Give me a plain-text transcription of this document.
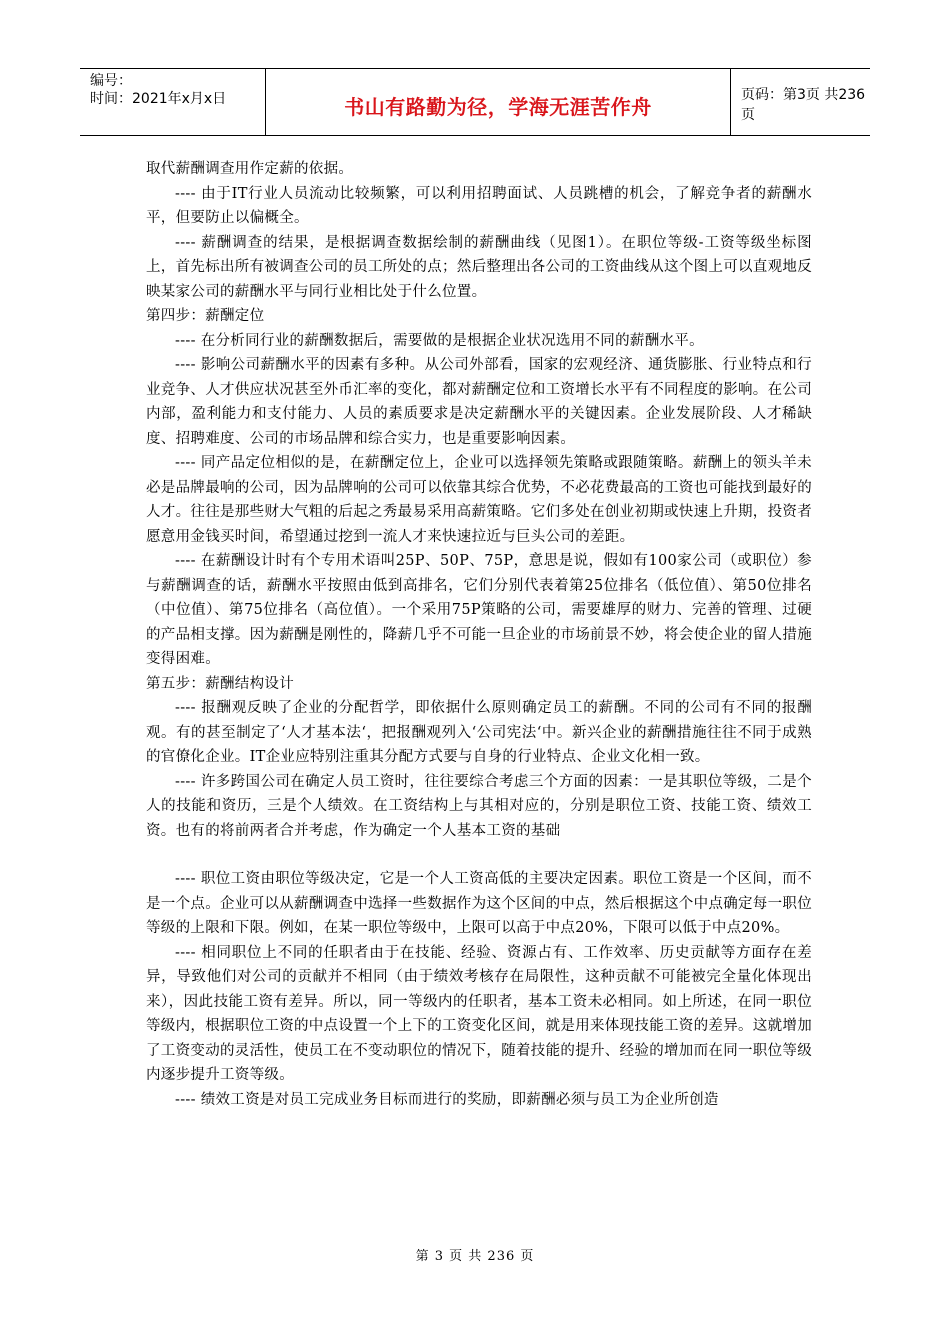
编号：
时间：2021年x月x日	书山有路勤为径，学海无涯苦作舟	页码：第3页 共236页

取代薪酬调查用作定薪的依据。

---- 由于IT行业人员流动比较频繁，可以利用招聘面试、人员跳槽的机会，了解竞争者的薪酬水平，但要防止以偏概全。

---- 薪酬调查的结果，是根据调查数据绘制的薪酬曲线（见图1）。在职位等级-工资等级坐标图上，首先标出所有被调查公司的员工所处的点；然后整理出各公司的工资曲线从这个图上可以直观地反映某家公司的薪酬水平与同行业相比处于什么位置。

第四步：薪酬定位

---- 在分析同行业的薪酬数据后，需要做的是根据企业状况选用不同的薪酬水平。

---- 影响公司薪酬水平的因素有多种。从公司外部看，国家的宏观经济、通货膨胀、行业特点和行业竞争、人才供应状况甚至外币汇率的变化，都对薪酬定位和工资增长水平有不同程度的影响。在公司内部，盈利能力和支付能力、人员的素质要求是决定薪酬水平的关键因素。企业发展阶段、人才稀缺度、招聘难度、公司的市场品牌和综合实力，也是重要影响因素。

---- 同产品定位相似的是，在薪酬定位上，企业可以选择领先策略或跟随策略。薪酬上的领头羊未必是品牌最响的公司，因为品牌响的公司可以依靠其综合优势，不必花费最高的工资也可能找到最好的人才。往往是那些财大气粗的后起之秀最易采用高薪策略。它们多处在创业初期或快速上升期，投资者愿意用金钱买时间，希望通过挖到一流人才来快速拉近与巨头公司的差距。

---- 在薪酬设计时有个专用术语叫25P、50P、75P，意思是说，假如有100家公司（或职位）参与薪酬调查的话，薪酬水平按照由低到高排名，它们分别代表着第25位排名（低位值）、第50位排名（中位值）、第75位排名（高位值）。一个采用75P策略的公司，需要雄厚的财力、完善的管理、过硬的产品相支撑。因为薪酬是刚性的，降薪几乎不可能一旦企业的市场前景不妙，将会使企业的留人措施变得困难。

第五步：薪酬结构设计

---- 报酬观反映了企业的分配哲学，即依据什么原则确定员工的薪酬。不同的公司有不同的报酬观。有的甚至制定了‘人才基本法‘，把报酬观列入‘公司宪法‘中。新兴企业的薪酬措施往往不同于成熟的官僚化企业。IT企业应特别注重其分配方式要与自身的行业特点、企业文化相一致。

---- 许多跨国公司在确定人员工资时，往往要综合考虑三个方面的因素：一是其职位等级，二是个人的技能和资历，三是个人绩效。在工资结构上与其相对应的，分别是职位工资、技能工资、绩效工资。也有的将前两者合并考虑，作为确定一个人基本工资的基础

---- 职位工资由职位等级决定，它是一个人工资高低的主要决定因素。职位工资是一个区间，而不是一个点。企业可以从薪酬调查中选择一些数据作为这个区间的中点，然后根据这个中点确定每一职位等级的上限和下限。例如，在某一职位等级中，上限可以高于中点20%，下限可以低于中点20%。

---- 相同职位上不同的任职者由于在技能、经验、资源占有、工作效率、历史贡献等方面存在差异，导致他们对公司的贡献并不相同（由于绩效考核存在局限性，这种贡献不可能被完全量化体现出来），因此技能工资有差异。所以，同一等级内的任职者，基本工资未必相同。如上所述，在同一职位等级内，根据职位工资的中点设置一个上下的工资变化区间，就是用来体现技能工资的差异。这就增加了工资变动的灵活性，使员工在不变动职位的情况下，随着技能的提升、经验的增加而在同一职位等级内逐步提升工资等级。

---- 绩效工资是对员工完成业务目标而进行的奖励，即薪酬必须与员工为企业所创造

第 3 页 共 236 页
